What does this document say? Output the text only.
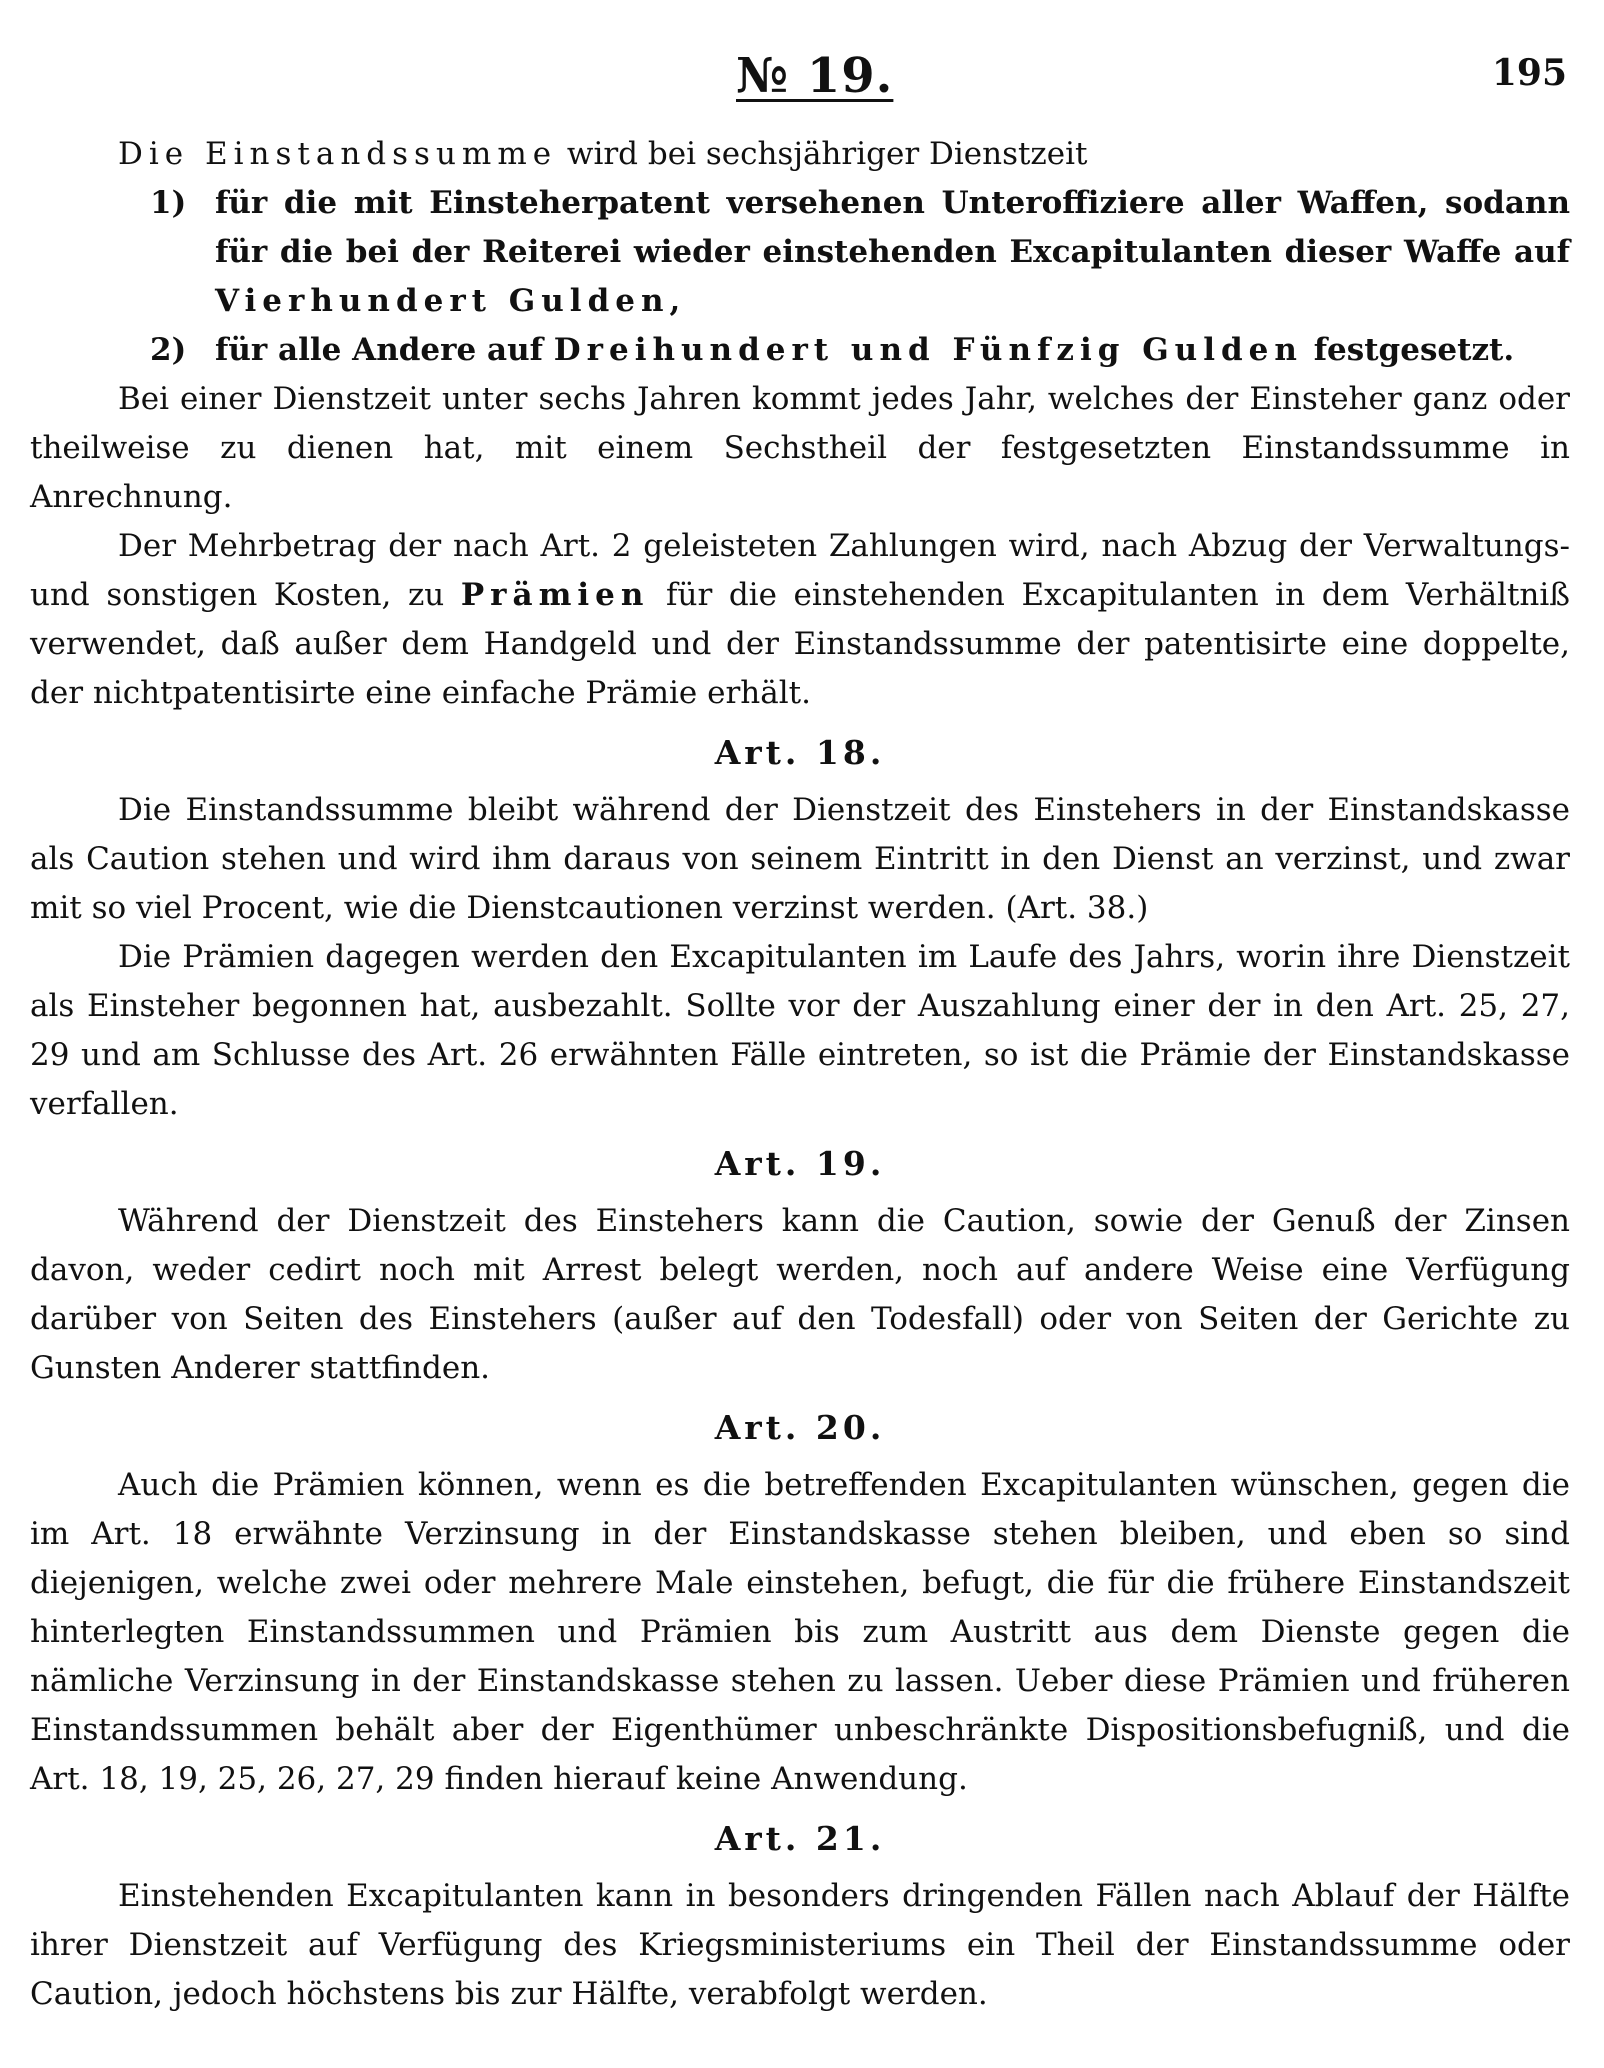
№ 19.	195

Die Einstandssumme wird bei sechsjähriger Dienstzeit

1) für die mit Einsteherpatent versehenen Unteroffiziere aller Waffen, sodann für die bei der Reiterei wieder einstehenden Excapitulanten dieser Waffe auf Vierhundert Gulden,
2) für alle Andere auf Dreihundert und Fünfzig Gulden festgesetzt.

Bei einer Dienstzeit unter sechs Jahren kommt jedes Jahr, welches der Einsteher ganz oder theilweise zu dienen hat, mit einem Sechstheil der festgesetzten Einstandssumme in Anrechnung.

Der Mehrbetrag der nach Art. 2 geleisteten Zahlungen wird, nach Abzug der Verwaltungs- und sonstigen Kosten, zu Prämien für die einstehenden Excapitulanten in dem Verhältniß verwendet, daß außer dem Handgeld und der Einstandssumme der patentisirte eine doppelte, der nichtpatentisirte eine einfache Prämie erhält.

Art. 18.

Die Einstandssumme bleibt während der Dienstzeit des Einstehers in der Einstandskasse als Caution stehen und wird ihm daraus von seinem Eintritt in den Dienst an verzinst, und zwar mit so viel Procent, wie die Dienstcautionen verzinst werden. (Art. 38.)

Die Prämien dagegen werden den Excapitulanten im Laufe des Jahrs, worin ihre Dienstzeit als Einsteher begonnen hat, ausbezahlt. Sollte vor der Auszahlung einer der in den Art. 25, 27, 29 und am Schlusse des Art. 26 erwähnten Fälle eintreten, so ist die Prämie der Einstandskasse verfallen.

Art. 19.

Während der Dienstzeit des Einstehers kann die Caution, sowie der Genuß der Zinsen davon, weder cedirt noch mit Arrest belegt werden, noch auf andere Weise eine Verfügung darüber von Seiten des Einstehers (außer auf den Todesfall) oder von Seiten der Gerichte zu Gunsten Anderer stattfinden.

Art. 20.

Auch die Prämien können, wenn es die betreffenden Excapitulanten wünschen, gegen die im Art. 18 erwähnte Verzinsung in der Einstandskasse stehen bleiben, und eben so sind diejenigen, welche zwei oder mehrere Male einstehen, befugt, die für die frühere Einstandszeit hinterlegten Einstandssummen und Prämien bis zum Austritt aus dem Dienste gegen die nämliche Verzinsung in der Einstandskasse stehen zu lassen. Ueber diese Prämien und früheren Einstandssummen behält aber der Eigenthümer unbeschränkte Dispositionsbefugniß, und die Art. 18, 19, 25, 26, 27, 29 finden hierauf keine Anwendung.

Art. 21.

Einstehenden Excapitulanten kann in besonders dringenden Fällen nach Ablauf der Hälfte ihrer Dienstzeit auf Verfügung des Kriegsministeriums ein Theil der Einstandssumme oder Caution, jedoch höchstens bis zur Hälfte, verabfolgt werden.
